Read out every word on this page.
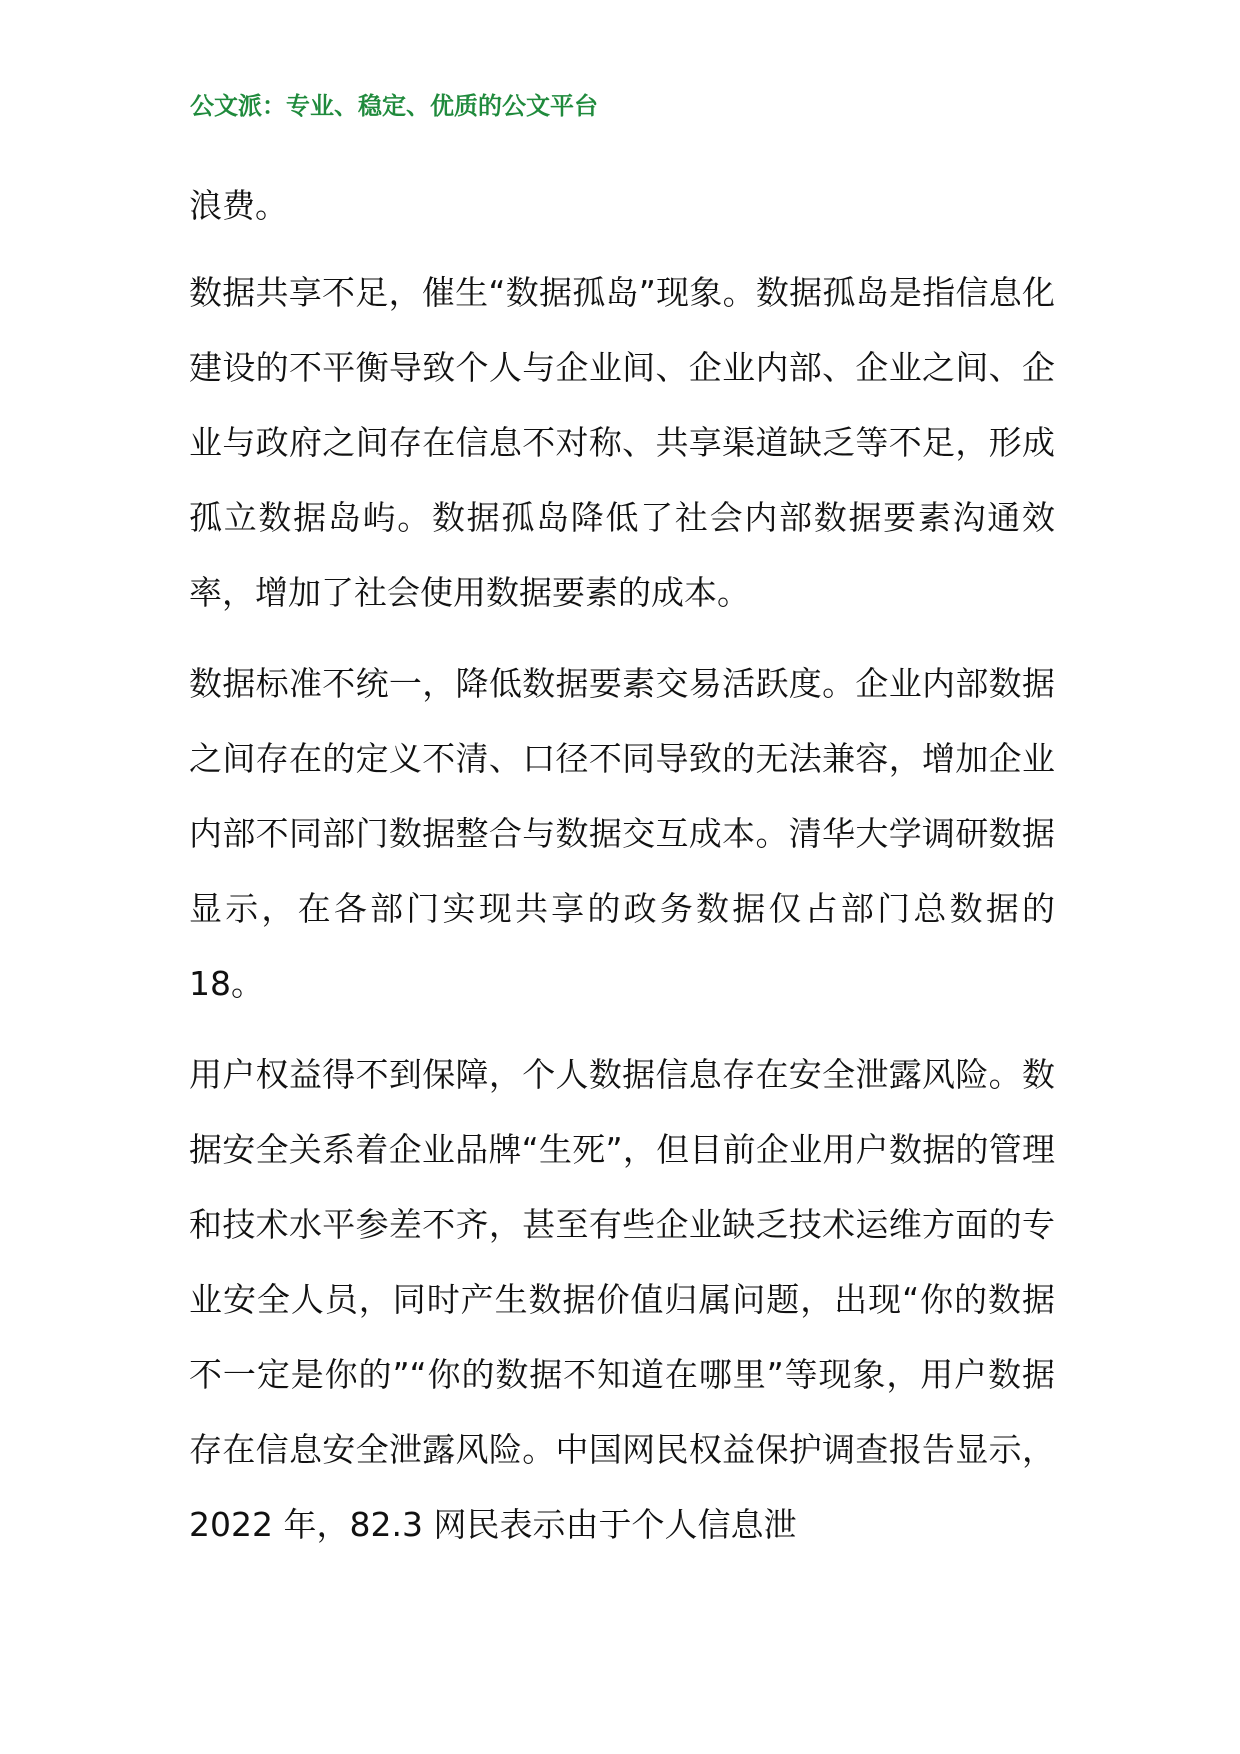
公文派：专业、稳定、优质的公文平台

浪费。

数据共享不足，催生“数据孤岛”现象。数据孤岛是指信息化建设的不平衡导致个人与企业间、企业内部、企业之间、企业与政府之间存在信息不对称、共享渠道缺乏等不足，形成孤立数据岛屿。数据孤岛降低了社会内部数据要素沟通效率，增加了社会使用数据要素的成本。

数据标准不统一，降低数据要素交易活跃度。企业内部数据之间存在的定义不清、口径不同导致的无法兼容，增加企业内部不同部门数据整合与数据交互成本。清华大学调研数据显示，在各部门实现共享的政务数据仅占部门总数据的 18。

用户权益得不到保障，个人数据信息存在安全泄露风险。数据安全关系着企业品牌“生死”，但目前企业用户数据的管理和技术水平参差不齐，甚至有些企业缺乏技术运维方面的专业安全人员，同时产生数据价值归属问题，出现“你的数据不一定是你的”“你的数据不知道在哪里”等现象，用户数据存在信息安全泄露风险。中国网民权益保护调查报告显示，2022 年，82.3 网民表示由于个人信息泄
